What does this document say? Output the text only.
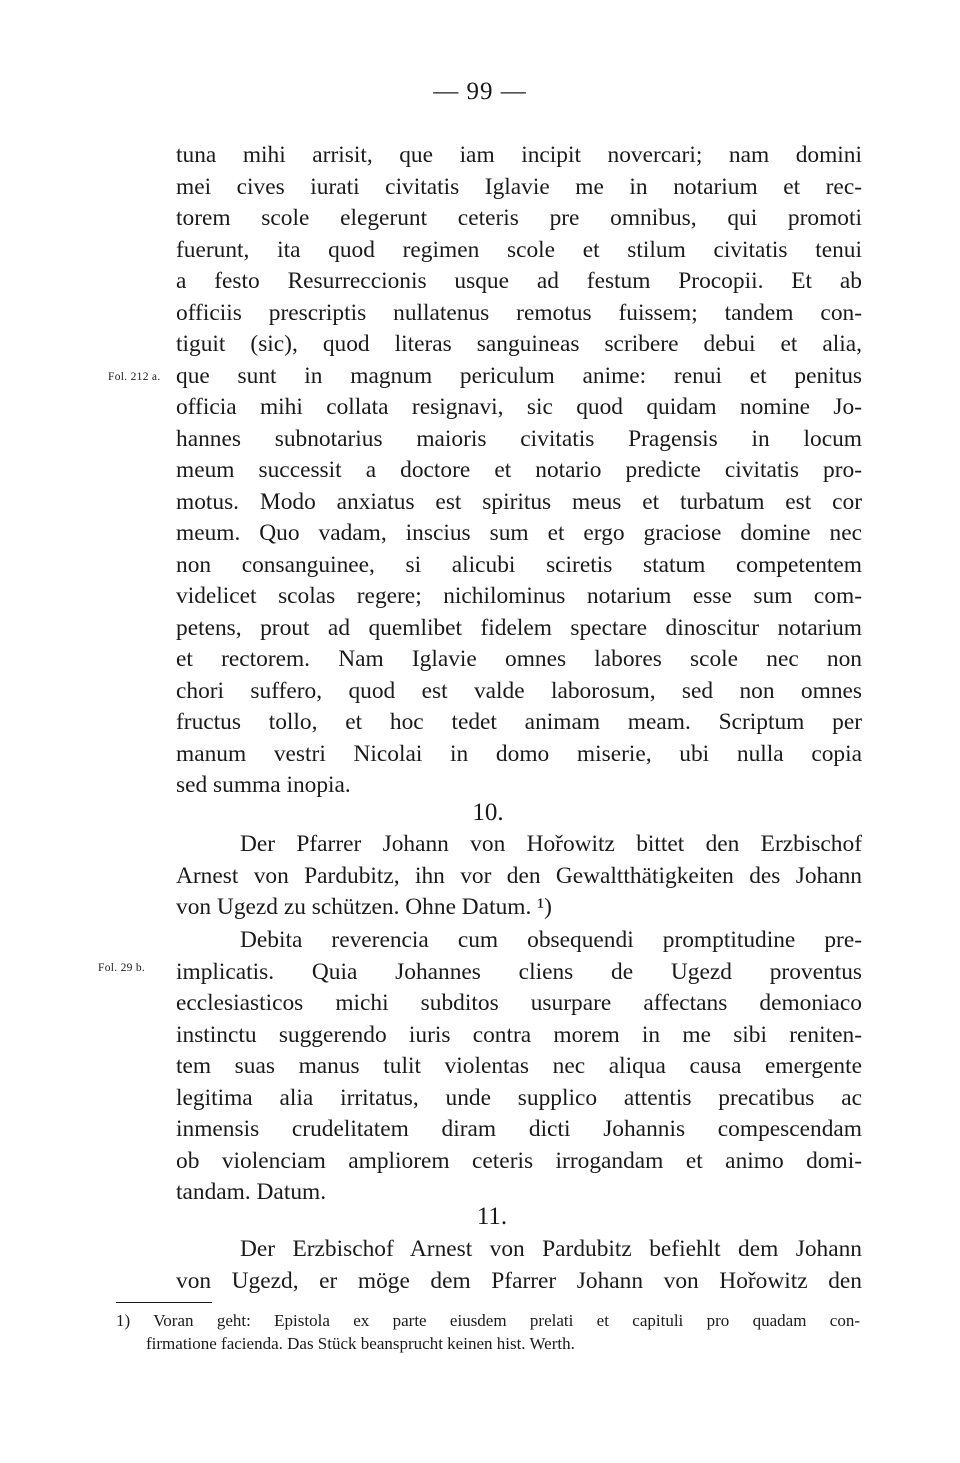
— 99 —
tuna mihi arrisit, que iam incipit novercari; nam domini
mei cives iurati civitatis Iglavie me in notarium et rec-
torem scole elegerunt ceteris pre omnibus, qui promoti
fuerunt, ita quod regimen scole et stilum civitatis tenui
a festo Resurreccionis usque ad festum Procopii. Et ab
officiis prescriptis nullatenus remotus fuissem; tandem con-
tiguit (sic), quod literas sanguineas scribere debui et alia,
que sunt in magnum periculum anime: renui et penitus
officia mihi collata resignavi, sic quod quidam nomine Jo-
hannes subnotarius maioris civitatis Pragensis in locum
meum successit a doctore et notario predicte civitatis pro-
motus. Modo anxiatus est spiritus meus et turbatum est cor
meum. Quo vadam, inscius sum et ergo graciose domine nec
non consanguinee, si alicubi sciretis statum competentem
videlicet scolas regere; nichilominus notarium esse sum com-
petens, prout ad quemlibet fidelem spectare dinoscitur notarium
et rectorem. Nam Iglavie omnes labores scole nec non
chori suffero, quod est valde laborosum, sed non omnes
fructus tollo, et hoc tedet animam meam. Scriptum per
manum vestri Nicolai in domo miserie, ubi nulla copia
sed summa inopia.
Fol. 212 a.
10.
Der Pfarrer Johann von Hořowitz bittet den Erzbischof
Arnest von Pardubitz, ihn vor den Gewaltthätigkeiten des Johann
von Ugezd zu schützen. Ohne Datum. ¹)
Debita reverencia cum obsequendi promptitudine pre-
implicatis. Quia Johannes cliens de Ugezd proventus
ecclesiasticos michi subditos usurpare affectans demoniaco
instinctu suggerendo iuris contra morem in me sibi reniten-
tem suas manus tulit violentas nec aliqua causa emergente
legitima alia irritatus, unde supplico attentis precatibus ac
inmensis crudelitatem diram dicti Johannis compescendam
ob violenciam ampliorem ceteris irrogandam et animo domi-
tandam. Datum.
Fol. 29 b.
11.
Der Erzbischof Arnest von Pardubitz befiehlt dem Johann
von Ugezd, er möge dem Pfarrer Johann von Hořowitz den
1) Voran geht: Epistola ex parte eiusdem prelati et capituli pro quadam con-
firmatione facienda. Das Stück beansprucht keinen hist. Werth.
